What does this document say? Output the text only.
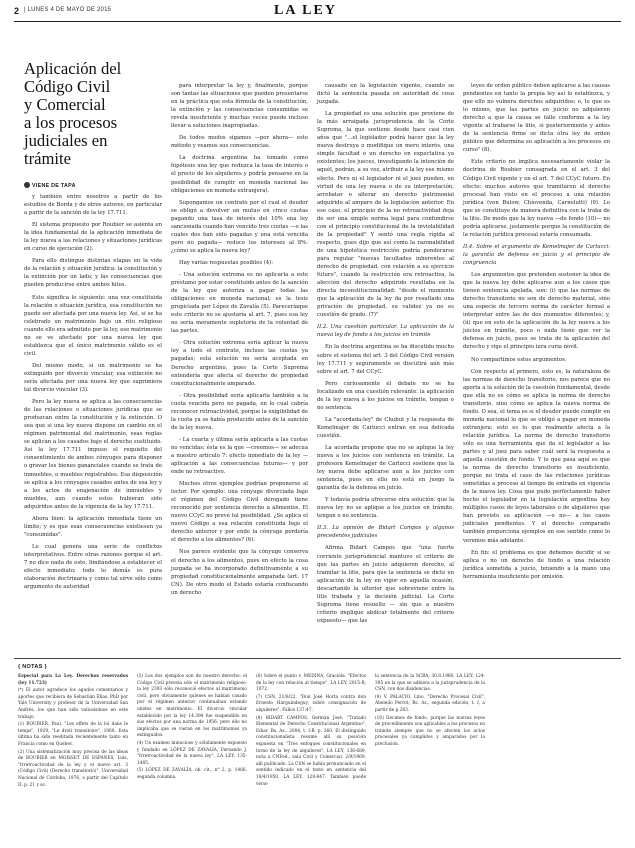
2 | LUNES 4 DE MAYO DE 2015	LA LEY
Aplicación del
Código Civil
y Comercial
a los procesos
judiciales en
trámite
VIENE DE TAPA

y también entre nosotros a partir de los estudios de Borda y de otros autores, en particular a partir de la sanción de la ley 17.711.

El sistema propuesto por Roubier se asienta en la idea fundamental de la aplicación inmediata de la ley nueva a las relaciones y situaciones jurídicas en curso de ejecución (2).

Para ello distingue distintas etapas en la vida de la relación y situación jurídica: la constitución y la extinción por un lado; y las consecuencias que pueden producirse entre ambos hitos.

Esto significa lo siguiente: una vez constituida la relación o situación jurídica, esa constitución no puede ser afectada por una nueva ley. Así, si se ha celebrado un matrimonio bajo un rito religioso cuando ello era admitido por la ley, ese matrimonio no se ve afectado por una nueva ley que establezca que el único matrimonio válido es el civil.

Del mismo modo, si un matrimonio se ha extinguido por divorcio vincular, esa extinción no sería afectada por una nueva ley que suprimiera tal divorcio vincular (3).

Pero la ley nueva se aplica a las consecuencias de las relaciones o situaciones jurídicas que se produzcan entre la constitución y la extinción. O sea que si una ley nueva dispone un cambio en el régimen patrimonial del matrimonio, esas reglas se aplican a los casados bajo el derecho sustituido. Así la ley 17.711 impuso el requisito del consentimiento de ambos cónyuges para disponer o gravar los bienes gananciales cuando se trata de inmuebles, o muebles registrables. Esa disposición se aplica a los cónyuges casados antes de esa ley y a los actos de enajenación de inmuebles y muebles, aun cuando estos hubieran sido adquiridos antes de la vigencia de la ley 17.711.

Ahora bien: la aplicación inmediata tiene un límite; y es que esas consecuencias existiesen ya "consumidas".

Lo cual genera una serie de conflictos interpretativos. Entre otras razones porque el art. 7 no dice nada de esto, limitándose a establecer el efecto inmediato; todo lo demás es pura elaboración doctrinaria y como tal sirve sólo como argumento de autoridad

para interpretar la ley y, finalmente, porque son tantas las situaciones que pueden presentarse en la práctica que esta fórmula de la constitución, la extinción y las consecuencias consumidas se revela insuficiente y muchas veces puede incluso llevar a soluciones inapropiadas.

De todos modos sigamos —por ahora— este método y veamos sus consecuencias.

La doctrina argentina ha tomado como hipótesis una ley que reduzca la tasa de interés o el precio de los alquileres y podría pensarse en la posibilidad de cumplir en moneda nacional las obligaciones en moneda extranjera).

Supongamos un contrato por el cual el deudor se obligó a devolver un mutuo en cinco cuotas pagando una tasa de interés del 10% una ley sancionada cuando han vencido tres cuotas —o las cuales dos han sido pagadas y una está vencida pero no pagada— reduce los intereses al 8%: ¿cómo se aplica la nueva ley?

Hay varias respuestas posibles (4):

- Una solución extrema es no aplicarla a este préstamo por estar constituido antes de la sanción de la ley que autoriza a pagar todas las obligaciones en moneda nacional; es la tesis propiciada por López de Zavalía (5). Pareceríaque este criterio no se ajustaría al art. 7, pues esa ley no sería meramente supletoria de la voluntad de las partes.

- Otra solución extrema sería aplicar la nueva ley a todo el contrato, incluso las cuotas ya pagadas; esta solución no sería aceptada en Derecho argentino, pues la Corte Suprema entendería que afecta el derecho de propiedad constitucionalmente amparado.

- Otra posibilidad sería aplicarla también a la cuota vencida pero no pagada, en lo cual cabría reconocer retroactividad, porque la exigibilidad de la cuota ya se había producido antes de la sanción de la ley nueva.

- La cuarta y última sería aplicarla a las cuotas no vencidas; ésta es la que —creemos— se adecua a nuestro artículo 7: efecto inmediato de la ley —aplicación a las consecuencias futuras— y por ende no retroactivo.

Muchos otros ejemplos podrían proponerse al lector. Por ejemplo: una cónyuge divorciada bajo el régimen del Código Civil derogado tiene reconocido por sentencia derecho a alimentos. El nuevo CCyC no prevé tal posibilidad. ¿Se aplica el nuevo Código a esa relación constituida bajo el derecho anterior y por ende la cónyuge perdería el derecho a los alimentos? (6).

Nos parece evidente que la cónyuge conserva el derecho a los alimentos, pues en efecto la cosa juzgada se ha incorporado definitivamente a su propiedad constitucionalmente amparada (art. 17 CN). De otro modo el Estado estaría confiscando un derecho

causado en la legislación vigente, cuando se dictó la sentencia pasada en autoridad de cosa juzgada.

La propiedad es una solución que proviene de la más arraigada jurisprudencia de la Corte Suprema, la que sostiene desde hace casi cien años que "...el legislador podrá hacer que la ley nueva destruya o modifique un mero interés, una simple facultad o un derecho en expectativa ya existentes; los jueces, investigando la intención de aquél, podrán, a su vez, atribuir a la ley ese mismo efecto. Pero ni el legislador ni el juez pueden, en virtud de una ley nueva o de su interpretación, arrebatar o alterar un derecho patrimonial adquirido al amparo de la legislación anterior. En ese caso, el principio de la no retroactividad deja de ser una simple norma legal para confundirse con el principio constitucional de la inviolabilidad de la propiedad" Y sentó una regla rígida al respecto, pues dijo que así como la razonabilidad de una hipotética restricción podría ponderarse para regular "nuevas facultades inherentes al derecho de propiedad, con relación a su ejercicio futuro", cuando la restricción era retroactiva, la afección del derecho adquirido resultaba en la directa inconstitucionalidad: "desde el momento que la aplicación de la ley da por resultado una privación de propiedad, su validez ya no es cuestión de grado. (7)"

II.2. Una cuestión particular. La aplicación de la nueva ley de fondo a los juicios en trámite

En la doctrina argentina se ha discutido mucho sobre el sistema del art. 3 del Código Civil versión ley 17.711 y seguramente se discutirá aún más sobre el art. 7 del CCyC.

Pero curiosamente el debate no se ha focalizado en una cuestión relevante: la aplicación de la ley nueva a los juicios en trámite, tengan o no sentencia.

La "acordada-ley" de Chubut y la respuesta de Kemelmajer de Carlucci entran en esa delicada cuestión.

La acordada propone que no se aplique la ley nueva a los juicios con sentencia en trámite. La profesora Kemelmajer de Carlucci sostiene que la ley nueva debe aplicarse aun a los juicios con sentencia, pues en ello no está en juego la garantía de la defensa en juicio.

Y todavía podría ofrecerse otra solución: que la nueva ley no se aplique a los juicios en trámite, tengan o no sentencia.

II.3. La opinión de Bidart Campos y algunos precedentes judiciales

Afirma Bidart Campos que "una fuerte corriente jurisprudencial mantuvo el criterio de que las partes en juicio adquieren derecho, al tramitar la litis, para que la sentencia se dicte en aplicación de la ley en vigor en aquella ocasión, descartando la ulterior que sobreviene entre la litis trabada y la decisión judicial. La Corte Suprema tiene resuelto — sin que a nuestro criterio implique abdicar totalmente del criterio expuesto— que las

leyes de orden público deben aplicarse a las causas pendientes en tanto la propia ley así lo establezca, y que ello no vulnera derechos adquiridos; o, lo que es lo mismo, que las partes en juicio no adquieren derecho a que la causa se falle conforme a la ley vigente al trabarse la litis, si posteriormente y antes de la sentencia firme se dicta otra ley de orden público que determina su aplicación a los procesos en curso" (8).

Este criterio no implica necesariamente violar la doctrina de Roubier consagrada en el art. 3 del Código Civil vigente y en el art. 7 del CCyC futuro. En efecto: muchos autores que tramitaron el derecho procesal han visto en el proceso a una relación jurídica (von Bulow, Chiovenda, Carnelutti) (9). Lo que se constituye de manera definitiva con la traba de la litis. De modo que la ley nueva —de fondo (10)— no podría aplicarse, justamente porque la constitución de la relación jurídica procesal estaría consumada.

II.4. Sobre el argumento de Kemelmajer de Carlucci: la garantía de defensa en juicio y el principio de congruencia

Los argumentos que pretenden sostener la idea de que la nueva ley debe aplicarse aun a los casos que tienen sentencia apelada, son: (i) que las normas de derecho transitorio no son de derecho material, sino una especie de tercero norma de carácter formal a interpretar entre las de dos momentos diferentes; y, (ii) que en esto de la aplicación de la ley nueva a los juicios en trámite, poco o nada tiene que ver la defensa en juicio, pues se trata de la aplicación del derecho y rige el principio iura curia novit.

No compartimos estos argumentos.

Con respecto al primero, esto es, la naturaleza de las normas de derecho transitorio, nos parece que no aporta a la solución de la cuestión fundamental, desde que ella no es cómo se aplica la norma de derecho transitorio, sino cómo se aplica la nueva norma de fondo. O sea, el tema es si el deudor puede cumplir en moneda nacional lo que se obligó a pagar en moneda extranjera; esto es lo que realmente afecta a la relación jurídica. La norma de derecho transitorio sólo es una herramienta que da el legislador a las partes y al juez para saber cuál será la respuesta a aquella cuestión de fondo. Y lo que pasa aquí es que la norma de derecho transitorio es insuficiente, porque no trata el caso de las relaciones jurídicas sometidas a proceso al tiempo de entrada en vigencia de la nueva ley. Cosa que pudo perfectamente haber hecho el legislador en la legislación argentina hay múltiples casos de leyes laborales o de alquileres que han previsto su aplicación —o no— a los casos judiciales pendientes. Y el derecho comparado también proporciona ejemplos en ese sentido como lo veremos más adelante.

En fin: el problema es que debemos decidir si se aplica o no un derecho de fondo a una relación jurídica sometida a juicio, teniendo a la mano una herramienta insuficiente por omisión.

{ NOTAS }

Especial para La Ley. Derechos reservados (ley 11.723)

(*) El autor agradece los agudos comentarios y aportes que recibiera de Sebastián Elías, PhD por Yale University y profesor de la Universidad San Andrés, los que han sido valiosísimos en este trabajo.

(1) ROUBIER, Paul, "Les effets de la loi dans le temps", 1929, "Le droit transitoire", 1960. Esta última ha sido reeditada recientemente tanto en Francia como en Quebec.

(2) Una sistematización muy precisa de las ideas de ROUBIER en MOISSET DE ESPANÉS, Luis, "Irretroactividad de la ley y el nuevo art. 3 (Código Civil) (Derecho transitorio)", Universidad Nacional de Córdoba, 1976, a partir del Capítulo II, p. 21 y ss.

(3) Los dos ejemplos son de nuestro derecho: el Código Civil preveía sólo el matrimonio religioso; la ley 2393 sólo reconoció efectos al matrimonio civil, pero obviamente quienes se habían casado por el régimen anterior continuaban estando unidos en matrimonio. El divorcio vincular establecido por la ley 14.394 fue suspendido en sus efectos por una norma de 1956; pero ello no implicaba que se vieran en los matrimonios ya extinguidos.

(4) Un examen minucioso y sólidamente expuesto y fundado en LÓPEZ DE ZAVALÍA, Fernando J. "Irretroactividad de la nueva ley", LA LEY, 135-1485.

(5) LÓPEZ DE ZAVALÍA, ob. cit., n° 2, p. 1486, segunda columna.

(6) Sobre el punto v. MEDINA, Graciela, "Efectos de la ley con relación al tiempo", LA LEY, 2015-B, 1072.

(7) CSN, 21/8/22, "Don José Horta contra don Ernesto Harguindeguy, sobre consignación de alquileres", Fallos 137:47.

(8) BIDART CAMPOS, Germán José, "Tratado Elemental de Derecho Constitucional Argentino", Ediar, Bs. As., 2004, t. I-B, p. 360. El distinguido constitucionalista resume allí su posición expuesta en "Tres enfoques constitucionales en torno de la ley de alquileres", LA LEY, 136-689, nota a CNFed., sala Civil y Comercial, 2/9/1969, allí publicado. La CSN se había pronunciado en el sentido indicado en el texto en sentencia del 18/4/1950, LA LEY, 128-847. También puede verse

la sentencia de la SCBA, 30.8.1966, LA LEY, 124-395 en la que se adhiera a la jurisprudencia de la CSN, con dos disidencias.

(9) V. PALACIO, Lino, "Derecho Procesal Civil", Abeledo Perrot, Bs. As., segunda edición, t. I, a partir de p.283.

(10) Decimos de fondo, porque las nuevas leyes de procedimiento son aplicables a los procesos en trámite siempre que no se afecten los actos procesales ya cumplidos y amparados por la preclusión.
